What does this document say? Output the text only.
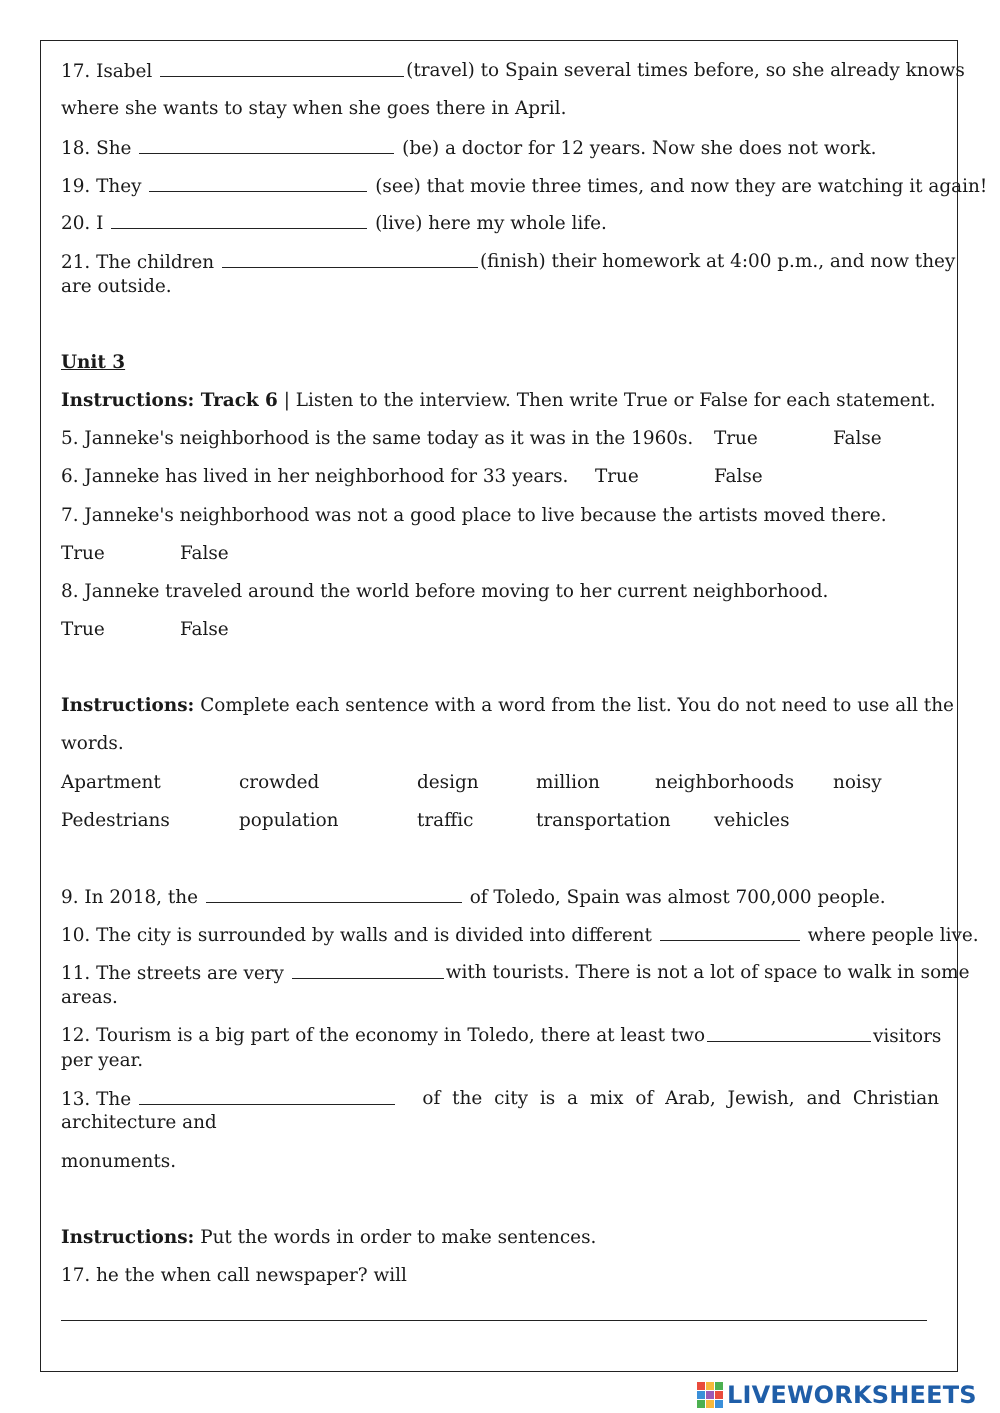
17. Isabel	(travel) to Spain several times before, so she already knows
where she wants to stay when she goes there in April.
18. She	(be) a doctor for 12 years. Now she does not work.
19. They	(see) that movie three times, and now they are watching it again!
20. I	(live) here my whole life.
21. The children	(finish) their homework at 4:00 p.m., and now they
are outside.
Unit 3
Instructions: Track 6 | Listen to the interview. Then write True or False for each statement.
5. Janneke's neighborhood is the same today as it was in the 1960s. True	False
6. Janneke has lived in her neighborhood for 33 years. True	False
7. Janneke's neighborhood was not a good place to live because the artists moved there.
True	False
8. Janneke traveled around the world before moving to her current neighborhood.
True	False
Instructions:
Complete each sentence with a word from the list. You do not need to use all the
words.
Apartment	crowded	design	million	neighborhoods noisy
Pedestrians	population	traffic	transportation vehicles
9. In 2018, the	of Toledo, Spain was almost 700,000 people.
10. The city is surrounded by walls and is divided into different	where people live.
11. The streets are very	with tourists. There is not a lot of space to walk in some
areas.
12. Tourism is a big part of the economy in Toledo, there at least two	visitors
per year.
13. The	of the city is a mix of Arab, Jewish, and Christian
architecture and
monuments.
Instructions: Put the words in order to make sentences.
17. he the when call newspaper? will
LIVEWORKSHEETS
